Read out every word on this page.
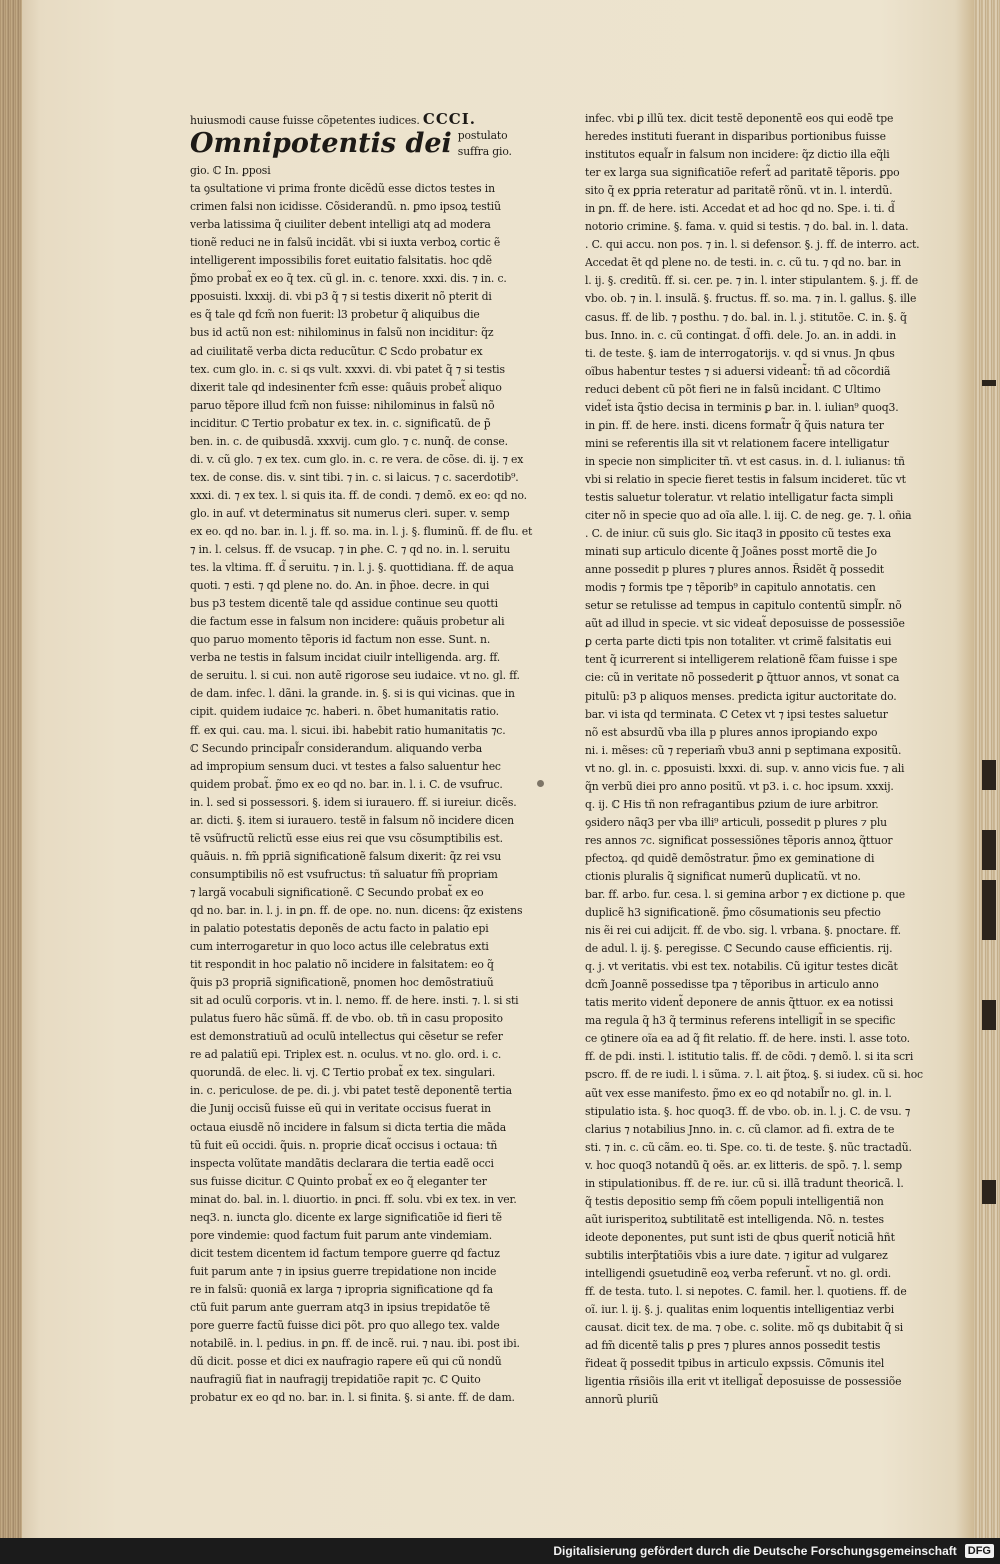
huiusmodi cause fuisse cõpetentes iudices. CCCI.
Omnipotentis dei postulato suffra gio.
gio. ℂ In. ꝑposi
ta ꝯsultatione vi prima fronte dicẽdũ esse dictos testes in
crimen falsi non icidisse. Cõsiderandũ. n. ꝑmo ipsoꝝ testiũ
verba latissima q̃ ciuiliter debent intelligi atq ad modera
tionẽ reduci ne in falsũ incidãt. vbi si iuxta verboꝝ cortic ẽ
intelligerent impossibilis foret euitatio falsitatis. hoc qdẽ
p̃mo probat̃ ex eo q̃ tex. cũ gl. in. c. tenore. xxxi. dis. ⁊ in. c.
ꝑposuisti. lxxxij. di. vbi p3 q̃ ⁊ si testis dixerit nõ pterit di
es q̃ tale qd fcm̃ non fuerit: l3 probetur q̃ aliquibus die
bus id actũ non est: nihilominus in falsũ non inciditur: q̃z
ad ciuilitatẽ verba dicta reducũtur. ℂ Scdo probatur ex
tex. cum glo. in. c. si qs vult. xxxvi. di. vbi patet q̃ ⁊ si testis
dixerit tale qd indesinenter fcm̃ esse: quãuis probet̃ aliquo
paruo tẽpore illud fcm̃ non fuisse: nihilominus in falsũ nõ
inciditur. ℂ Tertio probatur ex tex. in. c. significatũ. de p̃
ben. in. c. de quibusdã. xxxvij. cum glo. ⁊ c. nunq̃. de conse.
di. v. cũ glo. ⁊ ex tex. cum glo. in. c. re vera. de cõse. di. ij. ⁊ ex
tex. de conse. dis. v. sint tibi. ⁊ in. c. si laicus. ⁊ c. sacerdotib⁹.
xxxi. di. ⁊ ex tex. l. si quis ita. ff. de condi. ⁊ demõ. ex eo: qd no.
glo. in auf. vt determinatus sit numerus cleri. super. v. semp
ex eo. qd no. bar. in. l. j. ff. so. ma. in. l. j. §. fluminũ. ff. de flu. et
⁊ in. l. celsus. ff. de vsucap. ⁊ in ꝑhe. C. ⁊ qd no. in. l. seruitu
tes. la vltima. ff. d̃ seruitu. ⁊ in. l. j. §. quottidiana. ff. de aqua
quoti. ⁊ esti. ⁊ qd plene no. do. An. in p̃hoe. decre. in qui
bus p3 testem dicentẽ tale qd assidue continue seu quotti
die factum esse in falsum non incidere: quãuis probetur ali
quo paruo momento tẽporis id factum non esse. Sunt. n.
verba ne testis in falsum incidat ciuilr intelligenda. arg. ff.
de seruitu. l. si cui. non autẽ rigorose seu iudaice. vt no. gl. ff.
de dam. infec. l. dãni. la grande. in. §. si is qui vicinas. que in
cipit. quidem iudaice ⁊c. haberi. n. õbet humanitatis ratio.
ff. ex qui. cau. ma. l. sicui. ibi. habebit ratio humanitatis ⁊c.
ℂ Secundo principal̃r considerandum. aliquando verba
ad impropium sensum duci. vt testes a falso saluentur hec
quidem probat̃. p̃mo ex eo qd no. bar. in. l. i. C. de vsufruc.
in. l. sed si possessori. §. idem si iurauero. ff. si iureiur. dicẽs.
ar. dicti. §. item si iurauero. testẽ in falsum nõ incidere dicen
tẽ vsũfructũ relictũ esse eius rei que vsu cõsumptibilis est.
quãuis. n. fm̃ ppriã significationẽ falsum dixerit: q̃z rei vsu
consumptibilis nõ est vsufructus: tñ saluatur fm̃ propriam
⁊ largã vocabuli significationẽ. ℂ Secundo probat̃ ex eo
qd no. bar. in. l. j. in ꝑn. ff. de ope. no. nun. dicens: q̃z existens
in palatio potestatis deponẽs de actu facto in palatio epi
cum interrogaretur in quo loco actus ille celebratus exti
tit respondit in hoc palatio nõ incidere in falsitatem: eo q̃
q̃uis p3 propriã significationẽ, pnomen hoc demõstratiuũ
sit ad oculũ corporis. vt in. l. nemo. ff. de here. insti. ⁊. l. si sti
pulatus fuero hãc sũmã. ff. de vbo. ob. tñ in casu proposito
est demonstratiuũ ad oculũ intellectus qui cẽsetur se refer
re ad palatiũ epi. Triplex est. n. oculus. vt no. glo. ord. i. c.
quorundã. de elec. li. vj. ℂ Tertio probat̃ ex tex. singulari.
in. c. periculose. de pe. di. j. vbi patet testẽ deponentẽ tertia
die Junij occisũ fuisse eũ qui in veritate occisus fuerat in
octaua eiusdẽ nõ incidere in falsum si dicta tertia die mãda
tũ fuit eũ occidi. q̃uis. n. proprie dicat̃ occisus i octaua: tñ
inspecta volũtate mandãtis declarara die tertia eadẽ occi
sus fuisse dicitur. ℂ Quinto probat̃ ex eo q̃ eleganter ter
minat do. bal. in. l. diuortio. in ꝑnci. ff. solu. vbi ex tex. in ver.
neq3. n. iuncta glo. dicente ex large significatiõe id fieri tẽ
pore vindemie: quod factum fuit parum ante vindemiam.
dicit testem dicentem id factum tempore guerre qd factuz
fuit parum ante ⁊ in ipsius guerre trepidatione non incide
re in falsũ: quoniã ex larga ⁊ ipropria significatione qd fa
ctũ fuit parum ante guerram atq3 in ipsius trepidatõe tẽ
pore guerre factũ fuisse dici põt. pro quo allego tex. valde
notabilẽ. in. l. pedius. in ꝑn. ff. de incẽ. rui. ⁊ nau. ibi. post ibi.
dũ dicit. posse et dici ex naufragio rapere eũ qui cũ nondũ
naufragiũ fiat in naufragij trepidatiõe rapit ⁊c. ℂ Quito
probatur ex eo qd no. bar. in. l. si finita. §. si ante. ff. de dam.
infec. vbi ꝑ illũ tex. dicit testẽ deponentẽ eos qui eodẽ tpe
heredes instituti fuerant in disparibus portionibus fuisse
institutos equal̃r in falsum non incidere: q̃z dictio illa eq̃li
ter ex larga sua significatiõe refert̃ ad paritatẽ tẽporis. ꝑpo
sito q̃ ex ꝑpria reteratur ad paritatẽ rõnũ. vt in. l. interdũ.
in ꝑn. ff. de here. isti. Accedat et ad hoc qd no. Spe. i. ti. d̃
notorio crimine. §. fama. v. quid si testis. ⁊ do. bal. in. l. data.
. C. qui accu. non pos. ⁊ in. l. si defensor. §. j. ff. de interro. act.
Accedat ẽt qd plene no. de testi. in. c. cũ tu. ⁊ qd no. bar. in
l. ij. §. creditũ. ff. si. cer. pe. ⁊ in. l. inter stipulantem. §. j. ff. de
vbo. ob. ⁊ in. l. insulã. §. fructus. ff. so. ma. ⁊ in. l. gallus. §. ille
casus. ff. de lib. ⁊ posthu. ⁊ do. bal. in. l. j. stitutõe. C. in. §. q̃
bus. Inno. in. c. cũ contingat. d̃ offi. dele. Jo. an. in addi. in
ti. de teste. §. iam de interrogatorijs. v. qd si vnus. Jn qbus
oĩbus habentur testes ⁊ si aduersi videant̃: tñ ad cõcordiã
reduci debent cũ põt fieri ne in falsũ incidant. ℂ Ultimo
videt̃ ista q̃stio decisa in terminis ꝑ bar. in. l. iulian⁹ quoq3.
in ꝑin. ff. de here. insti. dicens format̃r q̃ q̃uis natura ter
mini se referentis illa sit vt relationem facere intelligatur
in specie non simpliciter tñ. vt est casus. in. d. l. iulianus: tñ
vbi si relatio in specie fieret testis in falsum incideret. tũc vt
testis saluetur toleratur. vt relatio intelligatur facta simpli
citer nõ in specie quo ad oĩa alle. l. iij. C. de neg. ge. ⁊. l. oñia
. C. de iniur. cũ suis glo. Sic itaq3 in ꝑposito cũ testes exa
minati sup articulo dicente q̃ Joãnes posst mortẽ die Jo
anne possedit p plures ⁊ plures annos. R̃sidẽt q̃ possedit
modis ⁊ formis tpe ⁊ tẽporib⁹ in capitulo annotatis. cen
setur se retulisse ad tempus in capitulo contentũ simpl̃r. nõ
aũt ad illud in specie. vt sic videat̃ deposuisse de possessiõe
ꝑ certa parte dicti tpis non totaliter. vt crimẽ falsitatis eui
tent q̃ icurrerent si intelligerem relationẽ fc̃am fuisse i spe
cie: cũ in veritate nõ possederit ꝑ q̃ttuor annos, vt sonat ca
pitulũ: p3 p aliquos menses. predicta igitur auctoritate do.
bar. vi ista qd terminata. ℂ Cetex vt ⁊ ipsi testes saluetur
nõ est absurdũ vba illa p plures annos iproꝑiando expo
ni. i. mẽses: cũ ⁊ reperiam̃ vbu3 anni p septimana expositũ.
vt no. gl. in. c. ꝑposuisti. lxxxi. di. sup. v. anno vicis fue. ⁊ ali
q̃n verbũ diei pro anno positũ. vt p3. i. c. hoc ipsum. xxxij.
q. ij. ℂ His tñ non refragantibus ꝑzium de iure arbitror.
ꝯsidero nãq3 per vba illi⁹ articuli, possedit p plures ⁊ plu
res annos ⁊c. significat possessiõnes tẽporis annoꝝ q̃ttuor
pfectoꝝ. qd quidẽ demõstratur. p̃mo ex geminatione di
ctionis pluralis q̃ significat numerũ duplicatũ. vt no.
bar. ff. arbo. fur. cesa. l. si gemina arbor ⁊ ex dictione p. que
duplicẽ h3 significationẽ. p̃mo cõsumationis seu pfectio
nis ẽi rei cui adijcit. ff. de vbo. sig. l. vrbana. §. pnoctare. ff.
de adul. l. ij. §. peregisse. ℂ Secundo cause efficientis. rij.
q. j. vt veritatis. vbi est tex. notabilis. Cũ igitur testes dicãt
dcm̃ Joannẽ possedisse tpa ⁊ tẽporibus in articulo anno
tatis merito vident̃ deponere de annis q̃ttuor. ex ea notissi
ma regula q̃ h3 q̃ terminus referens intelligit̃ in se specific
ce ꝯtinere oĩa ea ad q̃ fit relatio. ff. de here. insti. l. asse toto.
ff. de pdi. insti. l. istitutio talis. ff. de cõdi. ⁊ demõ. l. si ita scri
pscro. ff. de re iudi. l. i sũma. ⁊. l. ait p̃toꝝ. §. si iudex. cũ si. hoc
aũt vex esse manifesto. p̃mo ex eo qd notabil̃r no. gl. in. l.
stipulatio ista. §. hoc quoq3. ff. de vbo. ob. in. l. j. C. de vsu. ⁊
clarius ⁊ notabilius Jnno. in. c. cũ clamor. ad fi. extra de te
sti. ⁊ in. c. cũ cãm. eo. ti. Spe. co. ti. de teste. §. nũc tractadũ.
v. hoc quoq3 notandũ q̃ oẽs. ar. ex litteris. de spõ. ⁊. l. semp
in stipulationibus. ff. de re. iur. cũ si. illã tradunt theoricã. l.
q̃ testis depositio semp fm̃ cõem populi intelligentiã non
aũt iurisperitoꝝ subtilitatẽ est intelligenda. Nõ. n. testes
ideote deponentes, put sunt isti de qbus querit̃ noticiã hñt
subtilis interp̃tatiõis vbis a iure date. ⁊ igitur ad vulgarez
intelligendi ꝯsuetudinẽ eoꝝ verba referunt̃. vt no. gl. ordi.
ff. de testa. tuto. l. si nepotes. C. famil. her. l. quotiens. ff. de
oĩ. iur. l. ij. §. j. qualitas enim loquentis intelligentiaz verbi
causat. dicit tex. de ma. ⁊ obe. c. solite. mõ qs dubitabit q̃ si
ad fm̃ dicentẽ talis ꝑ pres ⁊ plures annos possedit testis
r̃ideat q̃ possedit tpibus in articulo expssis. Cõmunis itel
ligentia rñsiõis illa erit vt itelligat̃ deposuisse de possessiõe
annorũ pluriũ
Digitalisierung gefördert durch die Deutsche Forschungsgemeinschaft DFG
